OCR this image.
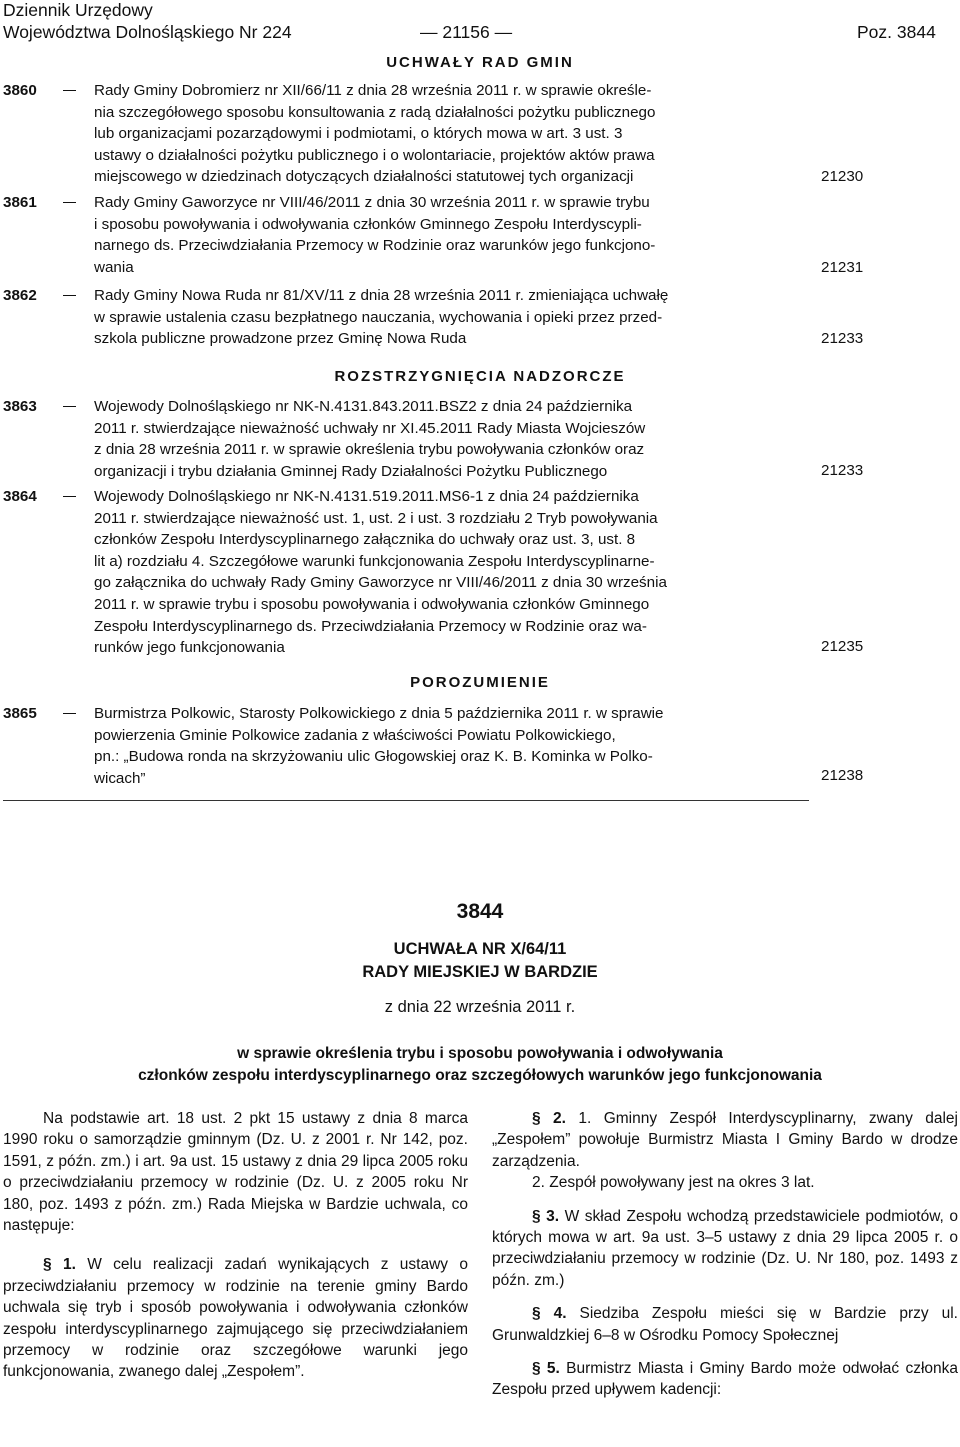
Dziennik Urzędowy
Województwa Dolnośląskiego Nr 224	— 21156 —	Poz. 3844
UCHWAŁY RAD GMIN
3860	Rady Gminy Dobromierz nr XII/66/11 z dnia 28 września 2011 r. w sprawie określe-
nia szczegółowego sposobu konsultowania z radą działalności pożytku publicznego
lub organizacjami pozarządowymi i podmiotami, o których mowa w art. 3 ust. 3
ustawy o działalności pożytku publicznego i o wolontariacie, projektów aktów prawa
miejscowego w dziedzinach dotyczących działalności statutowej tych organizacji	21230
3861	Rady Gminy Gaworzyce nr VIII/46/2011 z dnia 30 września 2011 r. w sprawie trybu
i sposobu powoływania i odwoływania członków Gminnego Zespołu Interdyscypli-
narnego ds. Przeciwdziałania Przemocy w Rodzinie oraz warunków jego funkcjono-
wania	21231
3862	Rady Gminy Nowa Ruda nr 81/XV/11 z dnia 28 września 2011 r. zmieniająca uchwałę
w sprawie ustalenia czasu bezpłatnego nauczania, wychowania i opieki przez przed-
szkola publiczne prowadzone przez Gminę Nowa Ruda	21233
ROZSTRZYGNIĘCIA NADZORCZE
3863	Wojewody Dolnośląskiego nr NK-N.4131.843.2011.BSZ2 z dnia 24 października
2011 r. stwierdzające nieważność uchwały nr XI.45.2011 Rady Miasta Wojcieszów
z dnia 28 września 2011 r. w sprawie określenia trybu powoływania członków oraz
organizacji i trybu działania Gminnej Rady Działalności Pożytku Publicznego	21233
3864	Wojewody Dolnośląskiego nr NK-N.4131.519.2011.MS6-1 z dnia 24 października
2011 r. stwierdzające nieważność ust. 1, ust. 2 i ust. 3 rozdziału 2 Tryb powoływania
członków Zespołu Interdyscyplinarnego załącznika do uchwały oraz ust. 3, ust. 8
lit a) rozdziału 4. Szczegółowe warunki funkcjonowania Zespołu Interdyscyplinarne-
go załącznika do uchwały Rady Gminy Gaworzyce nr VIII/46/2011 z dnia 30 września
2011 r. w sprawie trybu i sposobu powoływania i odwoływania członków Gminnego
Zespołu Interdyscyplinarnego ds. Przeciwdziałania Przemocy w Rodzinie oraz wa-
runków jego funkcjonowania	21235
POROZUMIENIE
3865	Burmistrza Polkowic, Starosty Polkowickiego z dnia 5 października 2011 r. w sprawie
powierzenia Gminie Polkowice zadania z właściwości Powiatu Polkowickiego,
pn.: „Budowa ronda na skrzyżowaniu ulic Głogowskiej oraz K. B. Kominka w Polko-
wicach”	21238
3844
UCHWAŁA NR X/64/11
RADY MIEJSKIEJ W BARDZIE
z dnia 22 września 2011 r.
w sprawie określenia trybu i sposobu powoływania i odwoływania
członków zespołu interdyscyplinarnego oraz szczegółowych warunków jego funkcjonowania

Na podstawie art. 18 ust. 2 pkt 15 ustawy z dnia 8 marca 1990 roku o samorządzie gminnym (Dz. U. z 2001 r. Nr 142, poz. 1591, z późn. zm.) i art. 9a ust. 15 ustawy z dnia 29 lipca 2005 roku o przeciwdziałaniu przemocy w rodzinie (Dz. U. z 2005 roku Nr 180, poz. 1493 z późn. zm.) Rada Miejska w Bardzie uchwala, co następuje:

§ 1. W celu realizacji zadań wynikających z ustawy o przeciwdziałaniu przemocy w rodzinie na terenie gminy Bardo uchwala się tryb i sposób powoływania i odwoływania członków zespołu interdyscyplinarnego zajmującego się przeciwdziałaniem przemocy w rodzinie oraz szczegółowe warunki jego funkcjonowania, zwanego dalej „Zespołem”.

§ 2. 1. Gminny Zespół Interdyscyplinarny, zwany dalej „Zespołem” powołuje Burmistrz Miasta I Gminy Bardo w drodze zarządzenia.

2. Zespół powoływany jest na okres 3 lat.

§ 3. W skład Zespołu wchodzą przedstawiciele podmiotów, o których mowa w art. 9a ust. 3–5 ustawy z dnia 29 lipca 2005 r. o przeciwdziałaniu przemocy w rodzinie (Dz. U. Nr 180, poz. 1493 z późn. zm.)

§ 4. Siedziba Zespołu mieści się w Bardzie przy ul. Grunwaldzkiej 6–8 w Ośrodku Pomocy Społecznej

§ 5. Burmistrz Miasta i Gminy Bardo może odwołać członka Zespołu przed upływem kadencji:
